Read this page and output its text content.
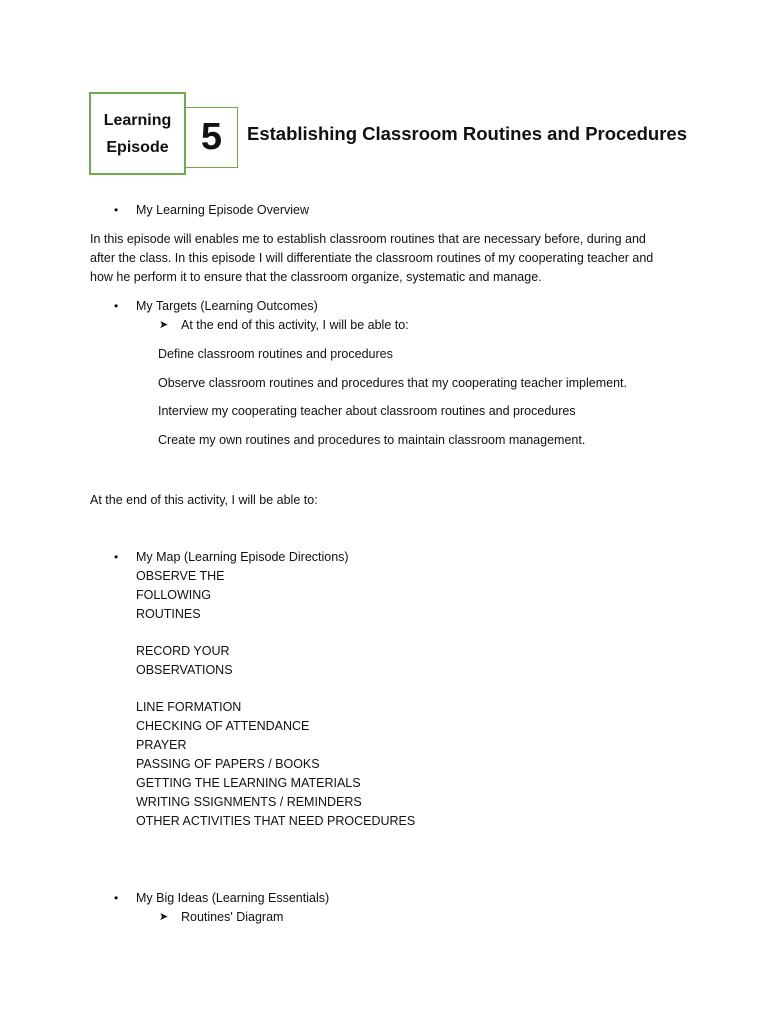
Learning
Episode 5 Establishing Classroom Routines and Procedures
• My Learning Episode Overview
In this episode will enables me to establish classroom routines that are necessary before, during and
after the class. In this episode I will differentiate the classroom routines of my cooperating teacher and
how he perform it to ensure that the classroom organize, systematic and manage.
• My Targets (Learning Outcomes)
➤ At the end of this activity, I will be able to:
Define classroom routines and procedures
Observe classroom routines and procedures that my cooperating teacher implement.
Interview my cooperating teacher about classroom routines and procedures
Create my own routines and procedures to maintain classroom management.
At the end of this activity, I will be able to:
• My Map (Learning Episode Directions)
OBSERVE THE
FOLLOWING
ROUTINES
RECORD YOUR
OBSERVATIONS
LINE FORMATION
CHECKING OF ATTENDANCE
PRAYER
PASSING OF PAPERS / BOOKS
GETTING THE LEARNING MATERIALS
WRITING SSIGNMENTS / REMINDERS
OTHER ACTIVITIES THAT NEED PROCEDURES
• My Big Ideas (Learning Essentials)
➤ Routines' Diagram
